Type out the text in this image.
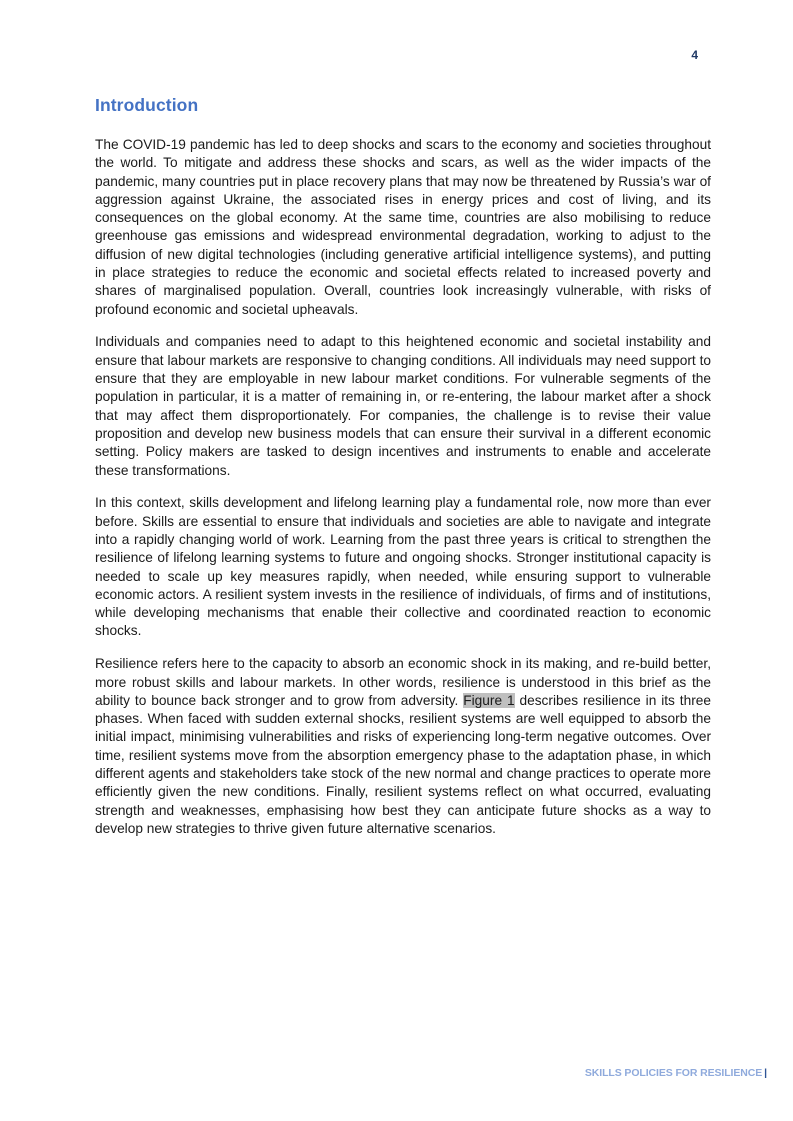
4
Introduction

The COVID-19 pandemic has led to deep shocks and scars to the economy and societies throughout the world. To mitigate and address these shocks and scars, as well as the wider impacts of the pandemic, many countries put in place recovery plans that may now be threatened by Russia’s war of aggression against Ukraine, the associated rises in energy prices and cost of living, and its consequences on the global economy. At the same time, countries are also mobilising to reduce greenhouse gas emissions and widespread environmental degradation, working to adjust to the diffusion of new digital technologies (including generative artificial intelligence systems), and putting in place strategies to reduce the economic and societal effects related to increased poverty and shares of marginalised population. Overall, countries look increasingly vulnerable, with risks of profound economic and societal upheavals.

Individuals and companies need to adapt to this heightened economic and societal instability and ensure that labour markets are responsive to changing conditions. All individuals may need support to ensure that they are employable in new labour market conditions. For vulnerable segments of the population in particular, it is a matter of remaining in, or re-entering, the labour market after a shock that may affect them disproportionately. For companies, the challenge is to revise their value proposition and develop new business models that can ensure their survival in a different economic setting. Policy makers are tasked to design incentives and instruments to enable and accelerate these transformations.

In this context, skills development and lifelong learning play a fundamental role, now more than ever before. Skills are essential to ensure that individuals and societies are able to navigate and integrate into a rapidly changing world of work. Learning from the past three years is critical to strengthen the resilience of lifelong learning systems to future and ongoing shocks. Stronger institutional capacity is needed to scale up key measures rapidly, when needed, while ensuring support to vulnerable economic actors. A resilient system invests in the resilience of individuals, of firms and of institutions, while developing mechanisms that enable their collective and coordinated reaction to economic shocks.

Resilience refers here to the capacity to absorb an economic shock in its making, and re-build better, more robust skills and labour markets. In other words, resilience is understood in this brief as the ability to bounce back stronger and to grow from adversity. Figure 1 describes resilience in its three phases. When faced with sudden external shocks, resilient systems are well equipped to absorb the initial impact, minimising vulnerabilities and risks of experiencing long-term negative outcomes. Over time, resilient systems move from the absorption emergency phase to the adaptation phase, in which different agents and stakeholders take stock of the new normal and change practices to operate more efficiently given the new conditions. Finally, resilient systems reflect on what occurred, evaluating strength and weaknesses, emphasising how best they can anticipate future shocks as a way to develop new strategies to thrive given future alternative scenarios.

SKILLS POLICIES FOR RESILIENCE |
